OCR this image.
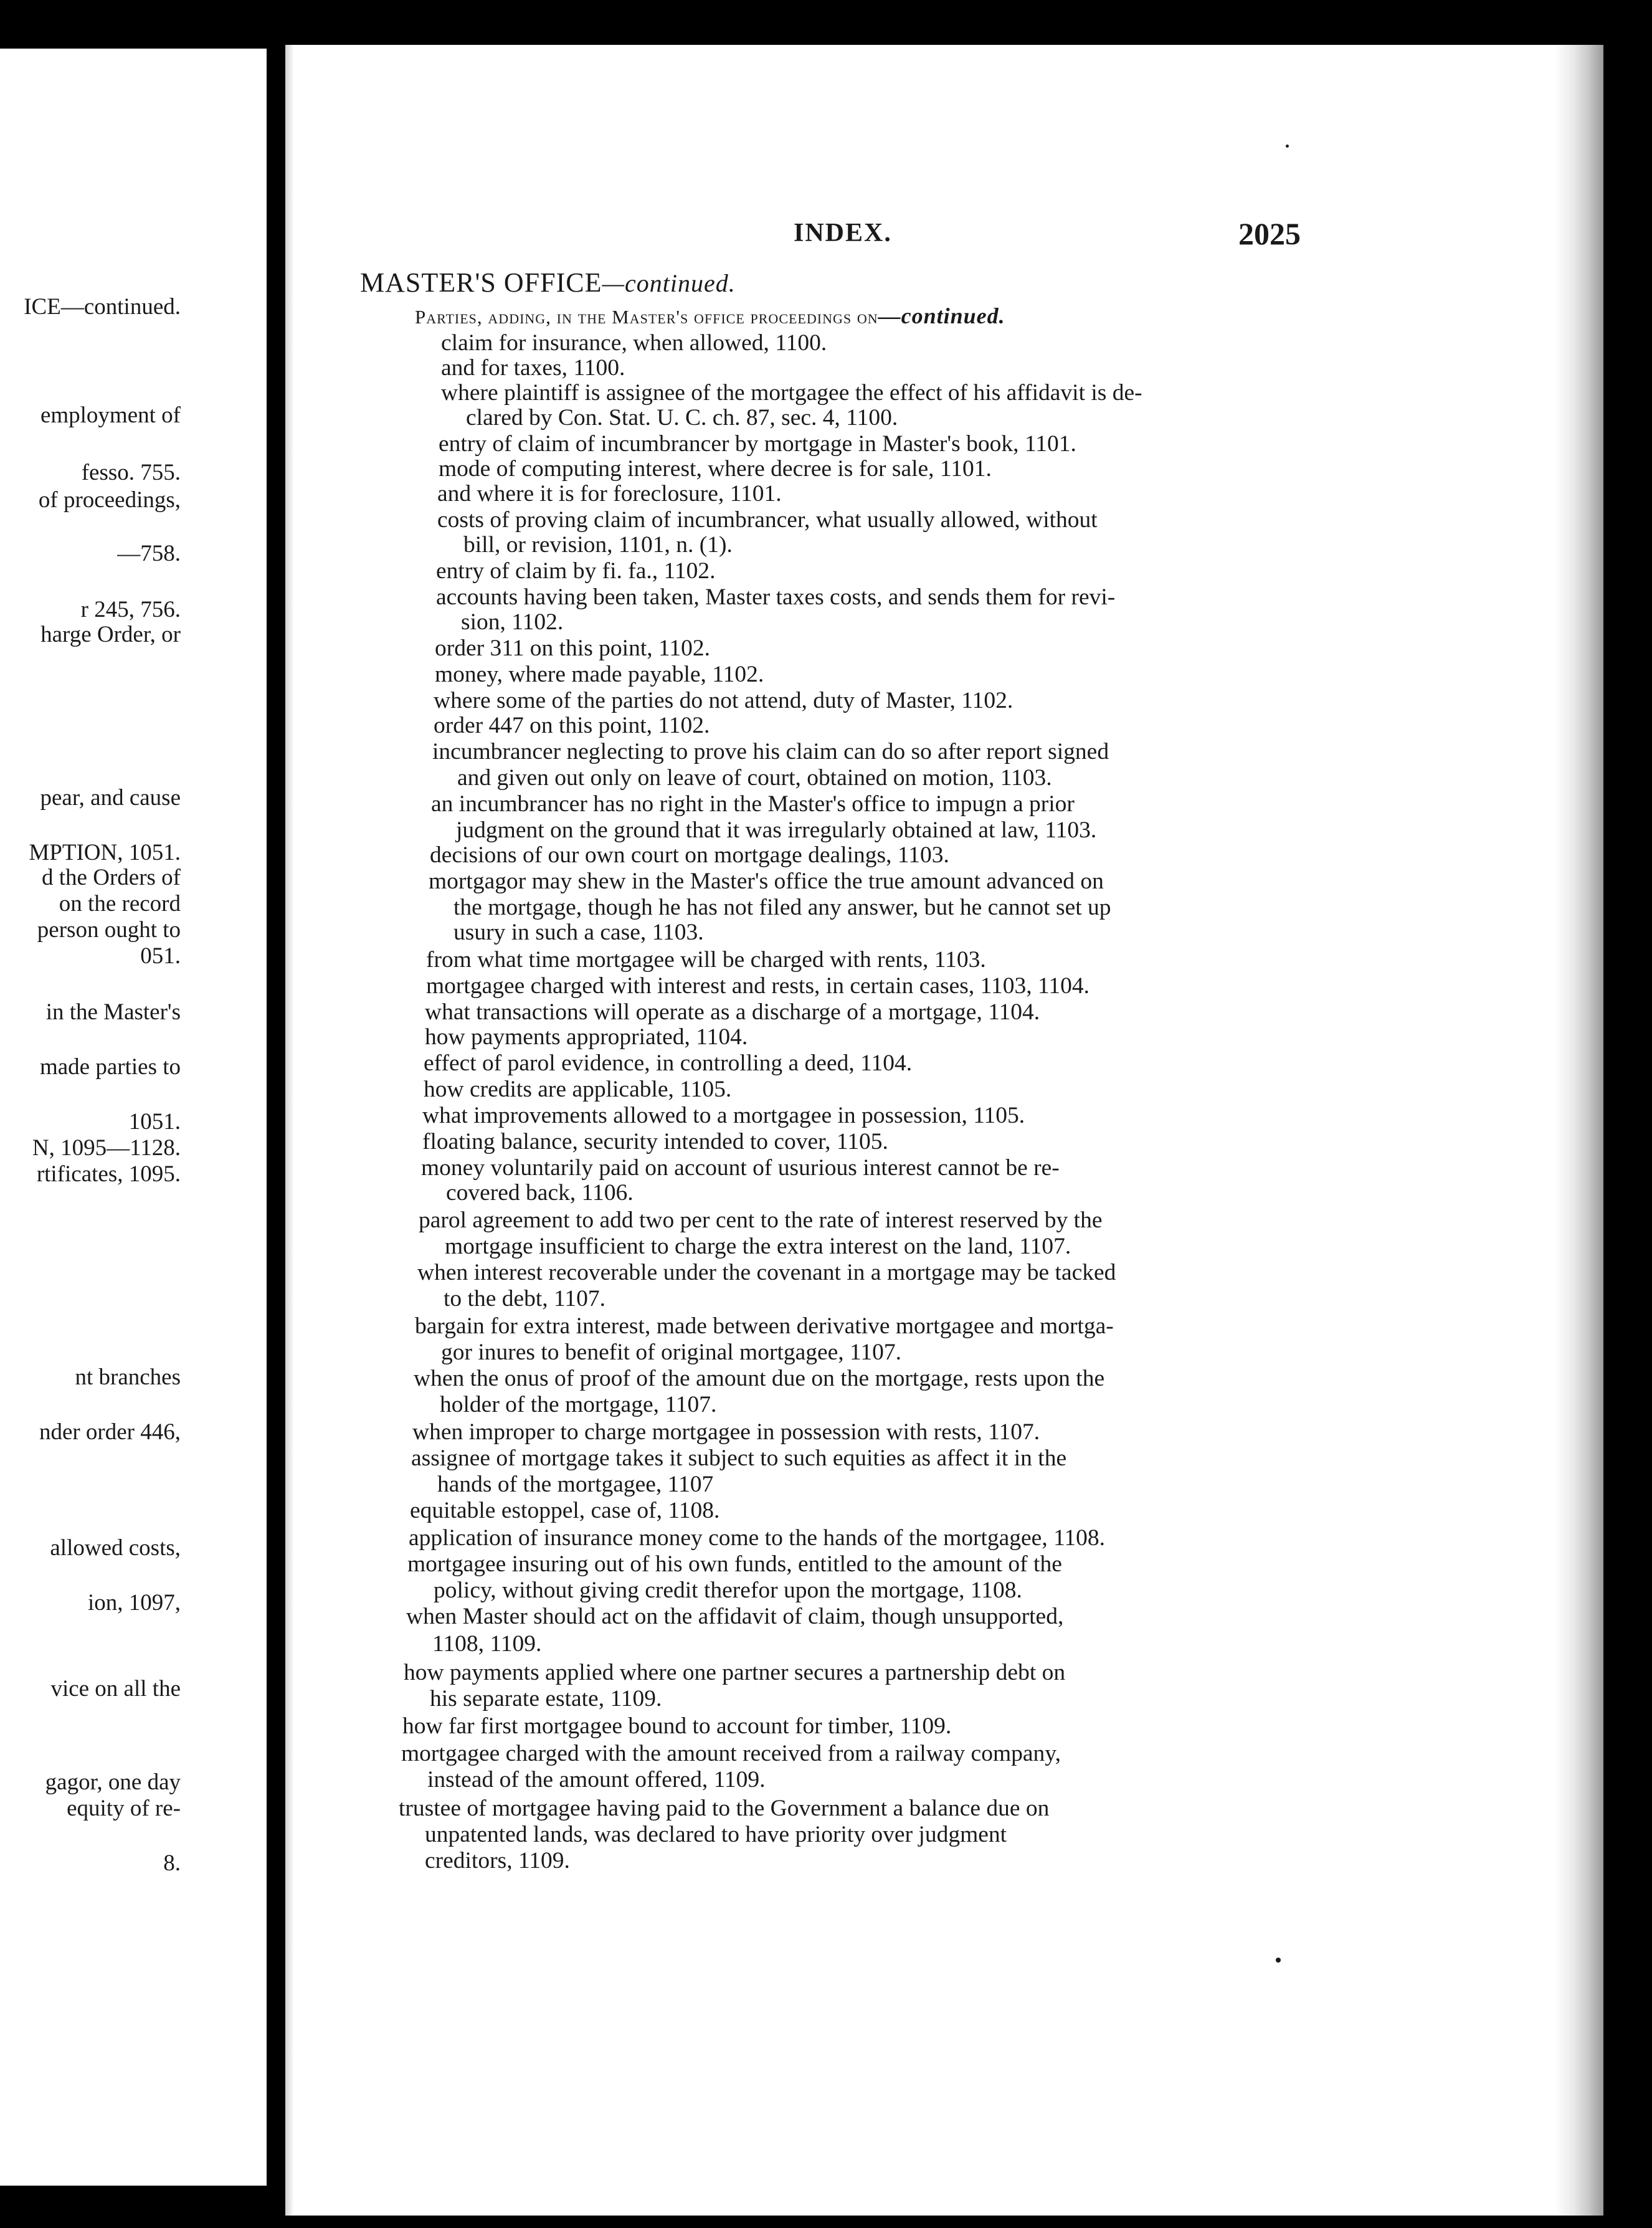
ICE—continued.
employment of
fesso. 755.
of proceedings,
—758.
r 245, 756.
harge Order, or
pear, and cause
MPTION, 1051.
d the Orders of
on the record
person ought to
051.
in the Master's
made parties to
1051.
N, 1095—1128.
rtificates, 1095.
nt branches
nder order 446,
allowed costs,
ion, 1097,
vice on all the
gagor, one day
equity of re-
8.
INDEX.	2025
MASTER'S OFFICE—continued.
Parties, adding, in the Master's office proceedings on—continued.
claim for insurance, when allowed, 1100.
and for taxes, 1100.
where plaintiff is assignee of the mortgagee the effect of his affidavit is de-
clared by Con. Stat. U. C. ch. 87, sec. 4, 1100.
entry of claim of incumbrancer by mortgage in Master's book, 1101.
mode of computing interest, where decree is for sale, 1101.
and where it is for foreclosure, 1101.
costs of proving claim of incumbrancer, what usually allowed, without
bill, or revision, 1101, n. (1).
entry of claim by fi. fa., 1102.
accounts having been taken, Master taxes costs, and sends them for revi-
sion, 1102.
order 311 on this point, 1102.
money, where made payable, 1102.
where some of the parties do not attend, duty of Master, 1102.
order 447 on this point, 1102.
incumbrancer neglecting to prove his claim can do so after report signed
and given out only on leave of court, obtained on motion, 1103.
an incumbrancer has no right in the Master's office to impugn a prior
judgment on the ground that it was irregularly obtained at law, 1103.
decisions of our own court on mortgage dealings, 1103.
mortgagor may shew in the Master's office the true amount advanced on
the mortgage, though he has not filed any answer, but he cannot set up
usury in such a case, 1103.
from what time mortgagee will be charged with rents, 1103.
mortgagee charged with interest and rests, in certain cases, 1103, 1104.
what transactions will operate as a discharge of a mortgage, 1104.
how payments appropriated, 1104.
effect of parol evidence, in controlling a deed, 1104.
how credits are applicable, 1105.
what improvements allowed to a mortgagee in possession, 1105.
floating balance, security intended to cover, 1105.
money voluntarily paid on account of usurious interest cannot be re-
covered back, 1106.
parol agreement to add two per cent to the rate of interest reserved by the
mortgage insufficient to charge the extra interest on the land, 1107.
when interest recoverable under the covenant in a mortgage may be tacked
to the debt, 1107.
bargain for extra interest, made between derivative mortgagee and mortga-
gor inures to benefit of original mortgagee, 1107.
when the onus of proof of the amount due on the mortgage, rests upon the
holder of the mortgage, 1107.
when improper to charge mortgagee in possession with rests, 1107.
assignee of mortgage takes it subject to such equities as affect it in the
hands of the mortgagee, 1107
equitable estoppel, case of, 1108.
application of insurance money come to the hands of the mortgagee, 1108.
mortgagee insuring out of his own funds, entitled to the amount of the
policy, without giving credit therefor upon the mortgage, 1108.
when Master should act on the affidavit of claim, though unsupported,
1108, 1109.
how payments applied where one partner secures a partnership debt on
his separate estate, 1109.
how far first mortgagee bound to account for timber, 1109.
mortgagee charged with the amount received from a railway company,
instead of the amount offered, 1109.
trustee of mortgagee having paid to the Government a balance due on
unpatented lands, was declared to have priority over judgment
creditors, 1109.
